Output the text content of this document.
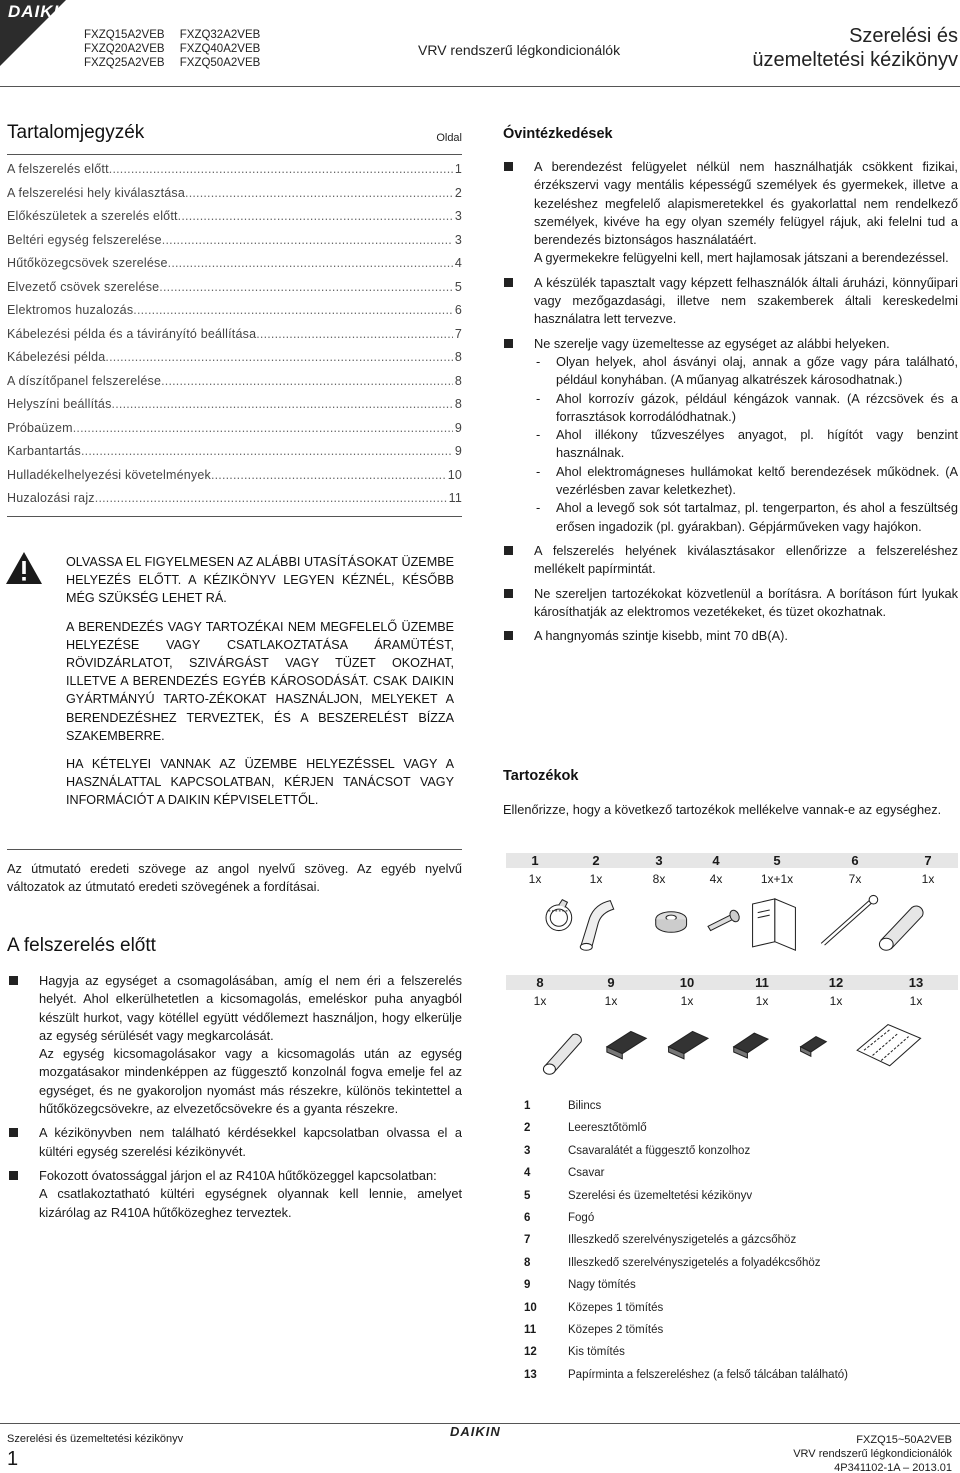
DAIKIN
FXZQ15A2VEB
FXZQ20A2VEB
FXZQ25A2VEB

FXZQ32A2VEB
FXZQ40A2VEB
FXZQ50A2VEB
VRV rendszerű légkondicionálók
Szerelési és
üzemeltetési kézikönyv
Tartalomjegyzék	Oldal
A felszerelés előtt .....	1
A felszerelési hely kiválasztása .....	2
Előkészületek a szerelés előtt .....	3
Beltéri egység felszerelése .....	3
Hűtőközegcsövek szerelése .....	4
Elvezető csövek szerelése .....	5
Elektromos huzalozás .....	6
Kábelezési példa és a távirányító beállítása .....	7
Kábelezési példa .....	8
A díszítőpanel felszerelése .....	8
Helyszíni beállítás .....	8
Próbaüzem .....	9
Karbantartás .....	9
Hulladékelhelyezési követelmények .....	10
Huzalozási rajz .....	11

OLVASSA EL FIGYELMESEN AZ ALÁBBI UTASÍTÁSOKAT ÜZEMBE HELYEZÉS ELŐTT. A KÉZIKÖNYV LEGYEN KÉZNÉL, KÉSŐBB MÉG SZÜKSÉG LEHET RÁ.

A BERENDEZÉS VAGY TARTOZÉKAI NEM MEGFELELŐ ÜZEMBE HELYEZÉSE VAGY CSATLAKOZTATÁSA ÁRAMÜTÉST, RÖVIDZÁRLATOT, SZIVÁRGÁST VAGY TÜZET OKOZHAT, ILLETVE A BERENDEZÉS EGYÉB KÁROSODÁSÁT. CSAK DAIKIN GYÁRTMÁNYÚ TARTO-ZÉKOKAT HASZNÁLJON, MELYEKET A BERENDEZÉSHEZ TERVEZTEK, ÉS A BESZERELÉST BÍZZA SZAKEMBERRE.

HA KÉTELYEI VANNAK AZ ÜZEMBE HELYEZÉSSEL VAGY A HASZNÁLATTAL KAPCSOLATBAN, KÉRJEN TANÁCSOT VAGY INFORMÁCIÓT A DAIKIN KÉPVISELETTŐL.

Az útmutató eredeti szövege az angol nyelvű szöveg. Az egyéb nyelvű változatok az útmutató eredeti szövegének a fordításai.
A felszerelés előtt

Hagyja az egységet a csomagolásában, amíg el nem éri a felszerelés helyét. Ahol elkerülhetetlen a kicsomagolás, emeléskor puha anyagból készült hurkot, vagy kötéllel együtt védőlemezt használjon, hogy elkerülje az egység sérülését vagy megkarcolását.

Az egység kicsomagolásakor vagy a kicsomagolás után az egység mozgatásakor mindenképpen az függesztő konzolnál fogva emelje fel az egységet, és ne gyakoroljon nyomást más részekre, különös tekintettel a hűtőközegcsövekre, az elvezetőcsövekre és a gyanta részekre.

A kézikönyvben nem található kérdésekkel kapcsolatban olvassa el a kültéri egység szerelési kézikönyvét.

Fokozott óvatossággal járjon el az R410A hűtőközeggel kapcsolatban:

A csatlakoztatható kültéri egységnek olyannak kell lennie, amelyet kizárólag az R410A hűtőközeghez terveztek.

Óvintézkedések

A berendezést felügyelet nélkül nem használhatják csökkent fizikai, érzékszervi vagy mentális képességű személyek és gyermekek, illetve a kezeléshez megfelelő alapismeretekkel és gyakorlattal nem rendelkező személyek, kivéve ha egy olyan személy felügyel rájuk, aki felelni tud a berendezés biztonságos használatáért.

A gyermekekre felügyelni kell, mert hajlamosak játszani a berendezéssel.

A készülék tapasztalt vagy képzett felhasználók általi áruházi, könnyűipari vagy mezőgazdasági, illetve nem szakemberek általi kereskedelmi használatra lett tervezve.

Ne szerelje vagy üzemeltesse az egységet az alábbi helyeken.

- Olyan helyek, ahol ásványi olaj, annak a gőze vagy pára található, például konyhában. (A műanyag alkatrészek károsodhatnak.)
- Ahol korrozív gázok, például kéngázok vannak. (A rézcsövek és a forrasztások korrodálódhatnak.)
- Ahol illékony tűzveszélyes anyagot, pl. hígítót vagy benzint használnak.
- Ahol elektromágneses hullámokat keltő berendezések működnek. (A vezérlésben zavar keletkezhet).
- Ahol a levegő sok sót tartalmaz, pl. tengerparton, és ahol a feszültség erősen ingadozik (pl. gyárakban). Gépjárműveken vagy hajókon.

A felszerelés helyének kiválasztásakor ellenőrizze a felszereléshez mellékelt papírmintát.

Ne szereljen tartozékokat közvetlenül a borításra. A borításon fúrt lyukak károsíthatják az elektromos vezetékeket, és tüzet okozhatnak.

A hangnyomás szintje kisebb, mint 70 dB(A).

Tartozékok
Ellenőrizze, hogy a következő tartozékok mellékelve vannak-e az egységhez.
1
1x
2
1x
3
8x
4
4x
5
1x+1x
6
7x
7
1x
8
1x
9
1x
10
1x
11
1x
12
1x
13
1x
1	Bilincs
2	Leeresztőtömlő
3	Csavaralátét a függesztő konzolhoz
4	Csavar
5	Szerelési és üzemeltetési kézikönyv
6	Fogó
7	Illeszkedő szerelvényszigetelés a gázcsőhöz
8	Illeszkedő szerelvényszigetelés a folyadékcsőhöz
9	Nagy tömítés
10	Közepes 1 tömítés
11	Közepes 2 tömítés
12	Kis tömítés
13	Papírminta a felszereléshez (a felső tálcában található)
Szerelési és üzemeltetési kézikönyv
1
DAIKIN
FXZQ15~50A2VEB
VRV rendszerű légkondicionálók
4P341102-1A – 2013.01
